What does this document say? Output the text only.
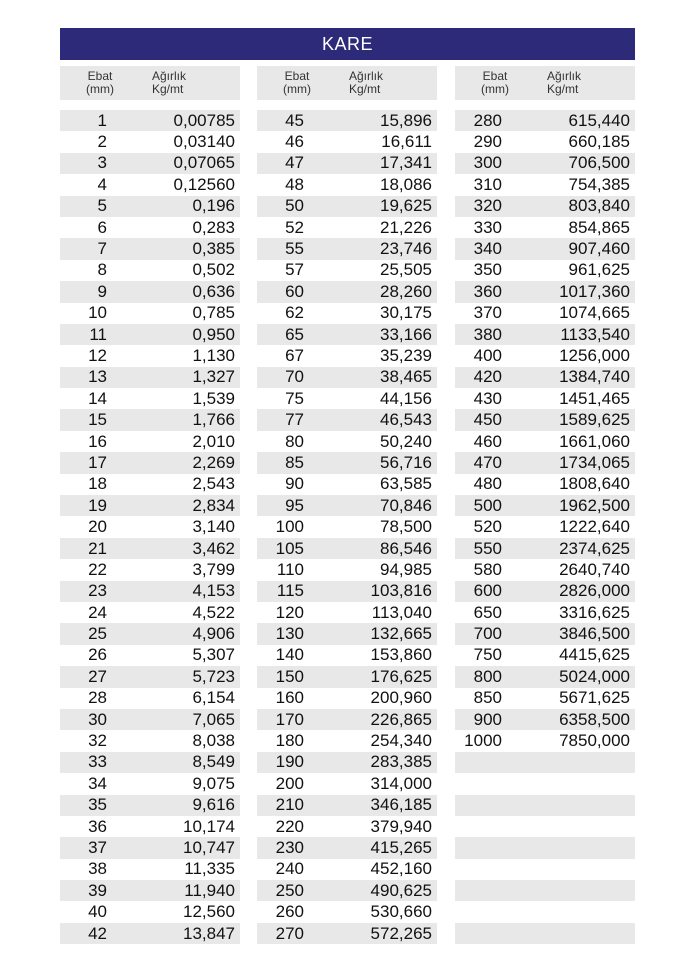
KARE
Ebat
(mm)
Ağırlık
Kg/mt
1	0,00785
2	0,03140
3	0,07065
4	0,12560
5	0,196
6	0,283
7	0,385
8	0,502
9	0,636
10	0,785
11	0,950
12	1,130
13	1,327
14	1,539
15	1,766
16	2,010
17	2,269
18	2,543
19	2,834
20	3,140
21	3,462
22	3,799
23	4,153
24	4,522
25	4,906
26	5,307
27	5,723
28	6,154
30	7,065
32	8,038
33	8,549
34	9,075
35	9,616
36	10,174
37	10,747
38	11,335
39	11,940
40	12,560
42	13,847
Ebat
(mm)
Ağırlık
Kg/mt
45	15,896
46	16,611
47	17,341
48	18,086
50	19,625
52	21,226
55	23,746
57	25,505
60	28,260
62	30,175
65	33,166
67	35,239
70	38,465
75	44,156
77	46,543
80	50,240
85	56,716
90	63,585
95	70,846
100	78,500
105	86,546
110	94,985
115	103,816
120	113,040
130	132,665
140	153,860
150	176,625
160	200,960
170	226,865
180	254,340
190	283,385
200	314,000
210	346,185
220	379,940
230	415,265
240	452,160
250	490,625
260	530,660
270	572,265
Ebat
(mm)
Ağırlık
Kg/mt
280	615,440
290	660,185
300	706,500
310	754,385
320	803,840
330	854,865
340	907,460
350	961,625
360	1017,360
370	1074,665
380	1133,540
400	1256,000
420	1384,740
430	1451,465
450	1589,625
460	1661,060
470	1734,065
480	1808,640
500	1962,500
520	1222,640
550	2374,625
580	2640,740
600	2826,000
650	3316,625
700	3846,500
750	4415,625
800	5024,000
850	5671,625
900	6358,500
1000	7850,000
